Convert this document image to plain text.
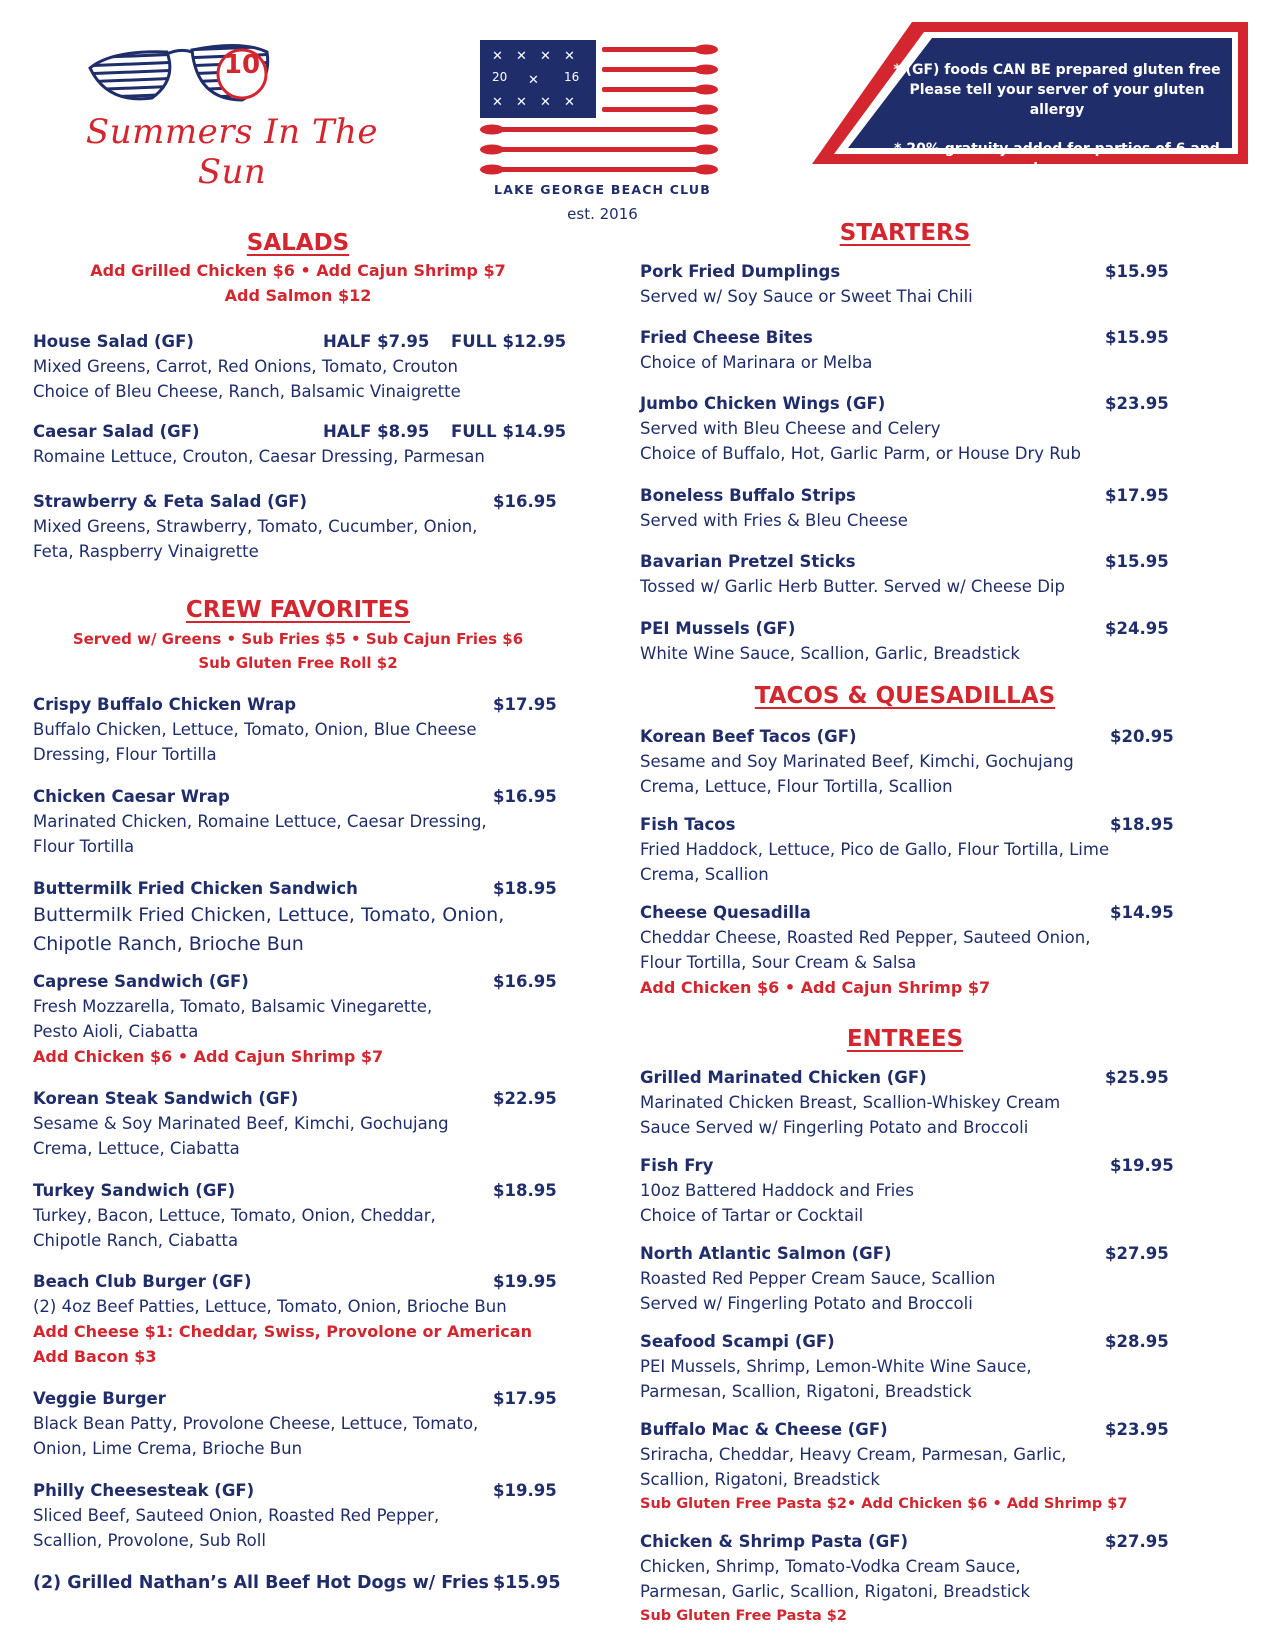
10
Summers In The Sun
✕ ✕ ✕ ✕
✕
✕ ✕ ✕ ✕
20	16
LAKE GEORGE BEACH CLUB
est. 2016
* (GF) foods CAN BE prepared gluten free
Please tell your server of your gluten allergy
* 20% gratuity added for parties of 6 and larger
SALADS
Add Grilled Chicken $6 • Add Cajun Shrimp $7
Add Salmon $12
House Salad (GF)	HALF $7.95 FULL $12.95
Mixed Greens, Carrot, Red Onions, Tomato, Crouton
Choice of Bleu Cheese, Ranch, Balsamic Vinaigrette
Caesar Salad (GF)	HALF $8.95 FULL $14.95
Romaine Lettuce, Crouton, Caesar Dressing, Parmesan
Strawberry & Feta Salad (GF)	$16.95
Mixed Greens, Strawberry, Tomato, Cucumber, Onion,
Feta, Raspberry Vinaigrette
CREW FAVORITES
Served w/ Greens • Sub Fries $5 • Sub Cajun Fries $6
Sub Gluten Free Roll $2
Crispy Buffalo Chicken Wrap	$17.95
Buffalo Chicken, Lettuce, Tomato, Onion, Blue Cheese
Dressing, Flour Tortilla
Chicken Caesar Wrap	$16.95
Marinated Chicken, Romaine Lettuce, Caesar Dressing,
Flour Tortilla
Buttermilk Fried Chicken Sandwich	$18.95
Buttermilk Fried Chicken, Lettuce, Tomato, Onion,
Chipotle Ranch, Brioche Bun
Caprese Sandwich (GF)	$16.95
Fresh Mozzarella, Tomato, Balsamic Vinegarette,
Pesto Aioli, Ciabatta
Add Chicken $6 • Add Cajun Shrimp $7
Korean Steak Sandwich (GF)	$22.95
Sesame & Soy Marinated Beef, Kimchi, Gochujang
Crema, Lettuce, Ciabatta
Turkey Sandwich (GF)	$18.95
Turkey, Bacon, Lettuce, Tomato, Onion, Cheddar,
Chipotle Ranch, Ciabatta
Beach Club Burger (GF)	$19.95
(2) 4oz Beef Patties, Lettuce, Tomato, Onion, Brioche Bun
Add Cheese $1: Cheddar, Swiss, Provolone or American
Add Bacon $3
Veggie Burger	$17.95
Black Bean Patty, Provolone Cheese, Lettuce, Tomato,
Onion, Lime Crema, Brioche Bun
Philly Cheesesteak (GF)	$19.95
Sliced Beef, Sauteed Onion, Roasted Red Pepper,
Scallion, Provolone, Sub Roll
(2) Grilled Nathan’s All Beef Hot Dogs w/ Fries $15.95
STARTERS
Pork Fried Dumplings	$15.95
Served w/ Soy Sauce or Sweet Thai Chili
Fried Cheese Bites	$15.95
Choice of Marinara or Melba
Jumbo Chicken Wings (GF)	$23.95
Served with Bleu Cheese and Celery
Choice of Buffalo, Hot, Garlic Parm, or House Dry Rub
Boneless Buffalo Strips	$17.95
Served with Fries & Bleu Cheese
Bavarian Pretzel Sticks	$15.95
Tossed w/ Garlic Herb Butter. Served w/ Cheese Dip
PEI Mussels (GF)	$24.95
White Wine Sauce, Scallion, Garlic, Breadstick
TACOS & QUESADILLAS
Korean Beef Tacos (GF)	$20.95
Sesame and Soy Marinated Beef, Kimchi, Gochujang
Crema, Lettuce, Flour Tortilla, Scallion
Fish Tacos	$18.95
Fried Haddock, Lettuce, Pico de Gallo, Flour Tortilla, Lime
Crema, Scallion
Cheese Quesadilla	$14.95
Cheddar Cheese, Roasted Red Pepper, Sauteed Onion,
Flour Tortilla, Sour Cream & Salsa
Add Chicken $6 • Add Cajun Shrimp $7
ENTREES
Grilled Marinated Chicken (GF)	$25.95
Marinated Chicken Breast, Scallion-Whiskey Cream
Sauce Served w/ Fingerling Potato and Broccoli
Fish Fry	$19.95
10oz Battered Haddock and Fries
Choice of Tartar or Cocktail
North Atlantic Salmon (GF)	$27.95
Roasted Red Pepper Cream Sauce, Scallion
Served w/ Fingerling Potato and Broccoli
Seafood Scampi (GF)	$28.95
PEI Mussels, Shrimp, Lemon-White Wine Sauce,
Parmesan, Scallion, Rigatoni, Breadstick
Buffalo Mac & Cheese (GF)	$23.95
Sriracha, Cheddar, Heavy Cream, Parmesan, Garlic,
Scallion, Rigatoni, Breadstick
Sub Gluten Free Pasta $2• Add Chicken $6 • Add Shrimp $7
Chicken & Shrimp Pasta (GF)	$27.95
Chicken, Shrimp, Tomato-Vodka Cream Sauce,
Parmesan, Garlic, Scallion, Rigatoni, Breadstick
Sub Gluten Free Pasta $2
